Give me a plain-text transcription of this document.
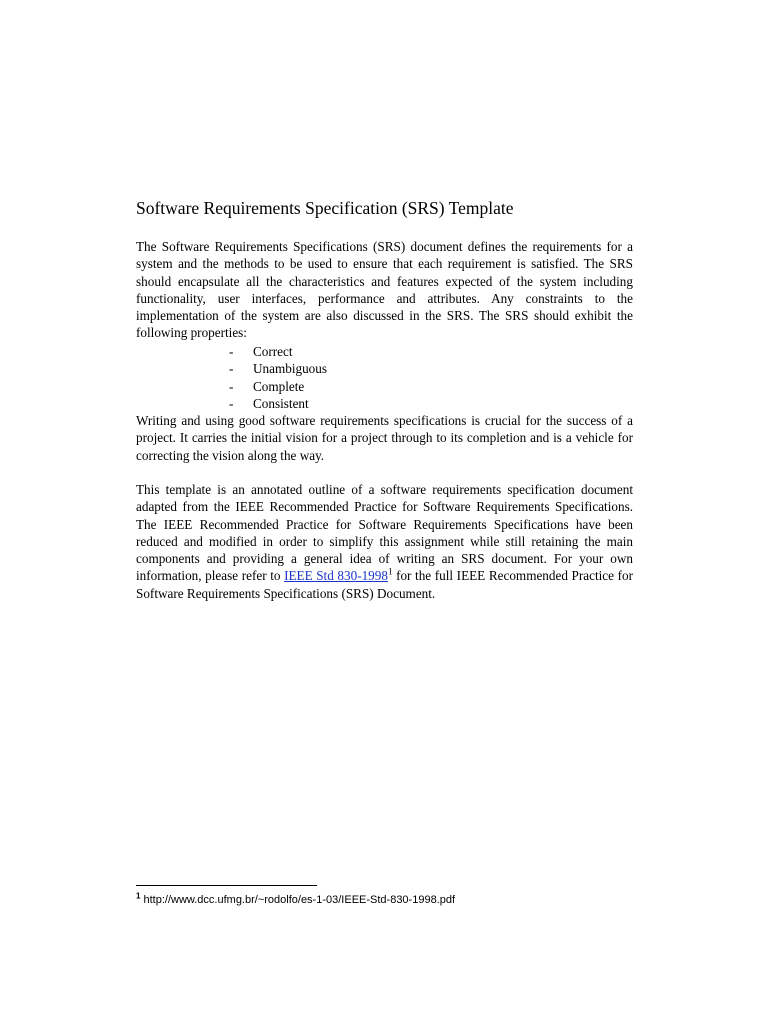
Software Requirements Specification (SRS) Template

The Software Requirements Specifications (SRS) document defines the requirements for a system and the methods to be used to ensure that each requirement is satisfied. The SRS should encapsulate all the characteristics and features expected of the system including functionality, user interfaces, performance and attributes. Any constraints to the implementation of the system are also discussed in the SRS. The SRS should exhibit the following properties:

-	Correct
-	Unambiguous
-	Complete
-	Consistent

Writing and using good software requirements specifications is crucial for the success of a project. It carries the initial vision for a project through to its completion and is a vehicle for correcting the vision along the way.

This template is an annotated outline of a software requirements specification document adapted from the IEEE Recommended Practice for Software Requirements Specifications. The IEEE Recommended Practice for Software Requirements Specifications have been reduced and modified in order to simplify this assignment while still retaining the main components and providing a general idea of writing an SRS document. For your own information, please refer to IEEE Std 830-1998$^1$ for the full IEEE Recommended Practice for Software Requirements Specifications (SRS) Document.

$^1$ http://www.dcc.ufmg.br/~rodolfo/es-1-03/IEEE-Std-830-1998.pdf
